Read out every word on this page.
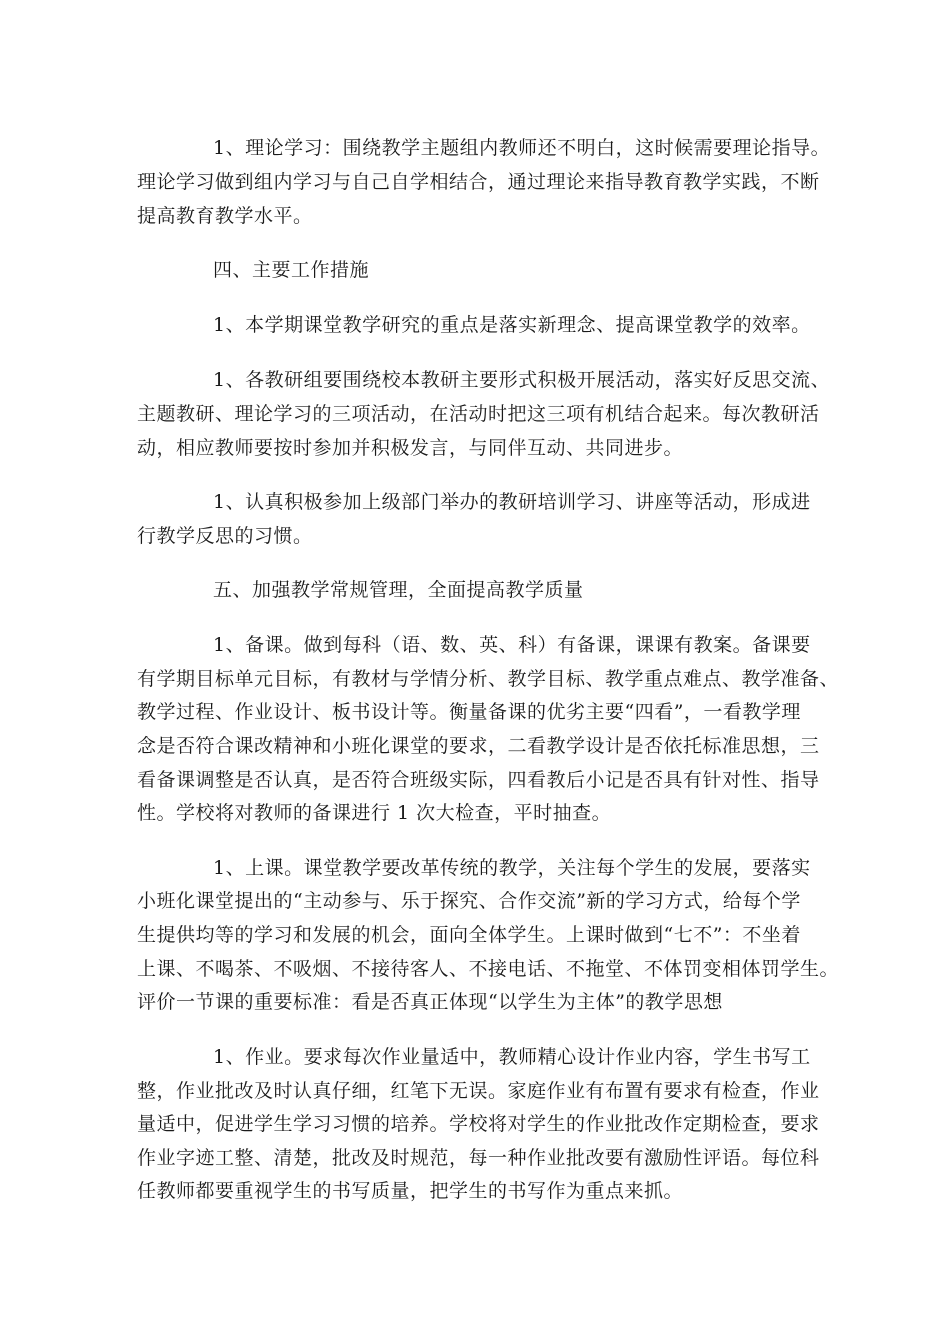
1、理论学习：围绕教学主题组内教师还不明白，这时候需要理论指导。
理论学习做到组内学习与自己自学相结合，通过理论来指导教育教学实践，不断
提高教育教学水平。
四、主要工作措施
1、本学期课堂教学研究的重点是落实新理念、提高课堂教学的效率。
1、各教研组要围绕校本教研主要形式积极开展活动，落实好反思交流、
主题教研、理论学习的三项活动，在活动时把这三项有机结合起来。每次教研活
动，相应教师要按时参加并积极发言，与同伴互动、共同进步。
1、认真积极参加上级部门举办的教研培训学习、讲座等活动，形成进
行教学反思的习惯。
五、加强教学常规管理，全面提高教学质量
1、备课。做到每科（语、数、英、科）有备课，课课有教案。备课要
有学期目标单元目标，有教材与学情分析、教学目标、教学重点难点、教学准备、
教学过程、作业设计、板书设计等。衡量备课的优劣主要“四看”，一看教学理
念是否符合课改精神和小班化课堂的要求，二看教学设计是否依托标准思想，三
看备课调整是否认真，是否符合班级实际，四看教后小记是否具有针对性、指导
性。学校将对教师的备课进行 1 次大检查，平时抽查。
1、上课。课堂教学要改革传统的教学，关注每个学生的发展，要落实
小班化课堂提出的“主动参与、乐于探究、合作交流”新的学习方式，给每个学
生提供均等的学习和发展的机会，面向全体学生。上课时做到“七不”：不坐着
上课、不喝茶、不吸烟、不接待客人、不接电话、不拖堂、不体罚变相体罚学生。
评价一节课的重要标准：看是否真正体现“以学生为主体”的教学思想
1、作业。要求每次作业量适中，教师精心设计作业内容，学生书写工
整，作业批改及时认真仔细，红笔下无误。家庭作业有布置有要求有检查，作业
量适中，促进学生学习习惯的培养。学校将对学生的作业批改作定期检查，要求
作业字迹工整、清楚，批改及时规范，每一种作业批改要有激励性评语。每位科
任教师都要重视学生的书写质量，把学生的书写作为重点来抓。
